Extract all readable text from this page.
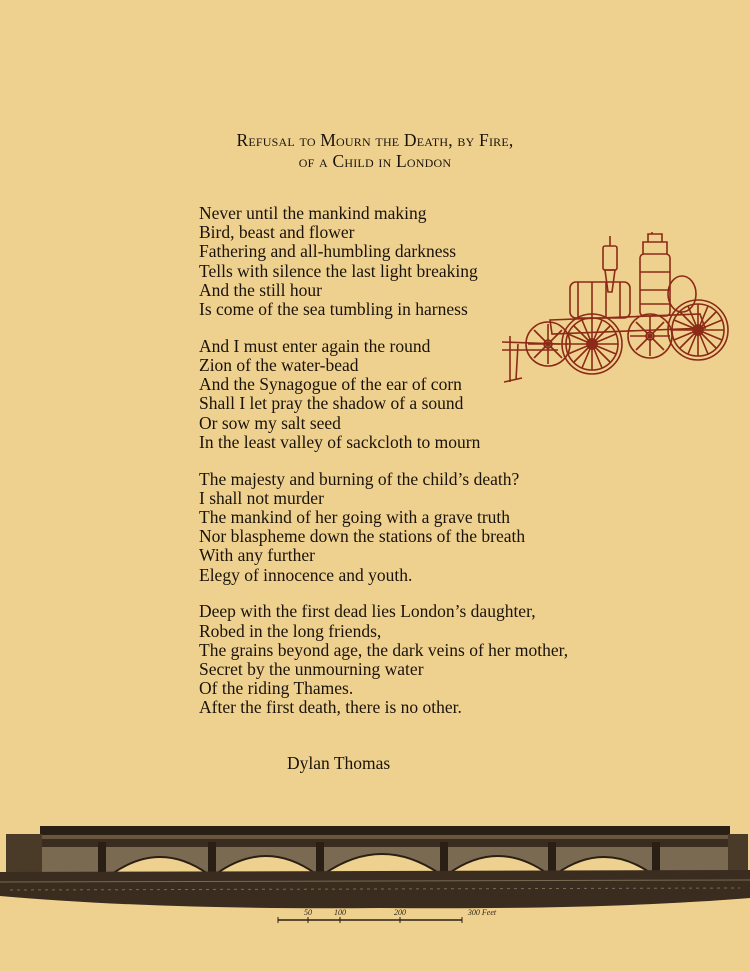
Refusal to Mourn the Death, by Fire,
of a Child in London
Never until the mankind making
Bird, beast and flower
Fathering and all-humbling darkness
Tells with silence the last light breaking
And the still hour
Is come of the sea tumbling in harness
And I must enter again the round
Zion of the water-bead
And the Synagogue of the ear of corn
Shall I let pray the shadow of a sound
Or sow my salt seed
In the least valley of sackcloth to mourn
The majesty and burning of the child’s death?
I shall not murder
The mankind of her going with a grave truth
Nor blaspheme down the stations of the breath
With any further
Elegy of innocence and youth.
Deep with the first dead lies London’s daughter,
Robed in the long friends,
The grains beyond age, the dark veins of her mother,
Secret by the unmourning water
Of the riding Thames.
After the first death, there is no other.
Dylan Thomas
50	100	200	300 Feet
